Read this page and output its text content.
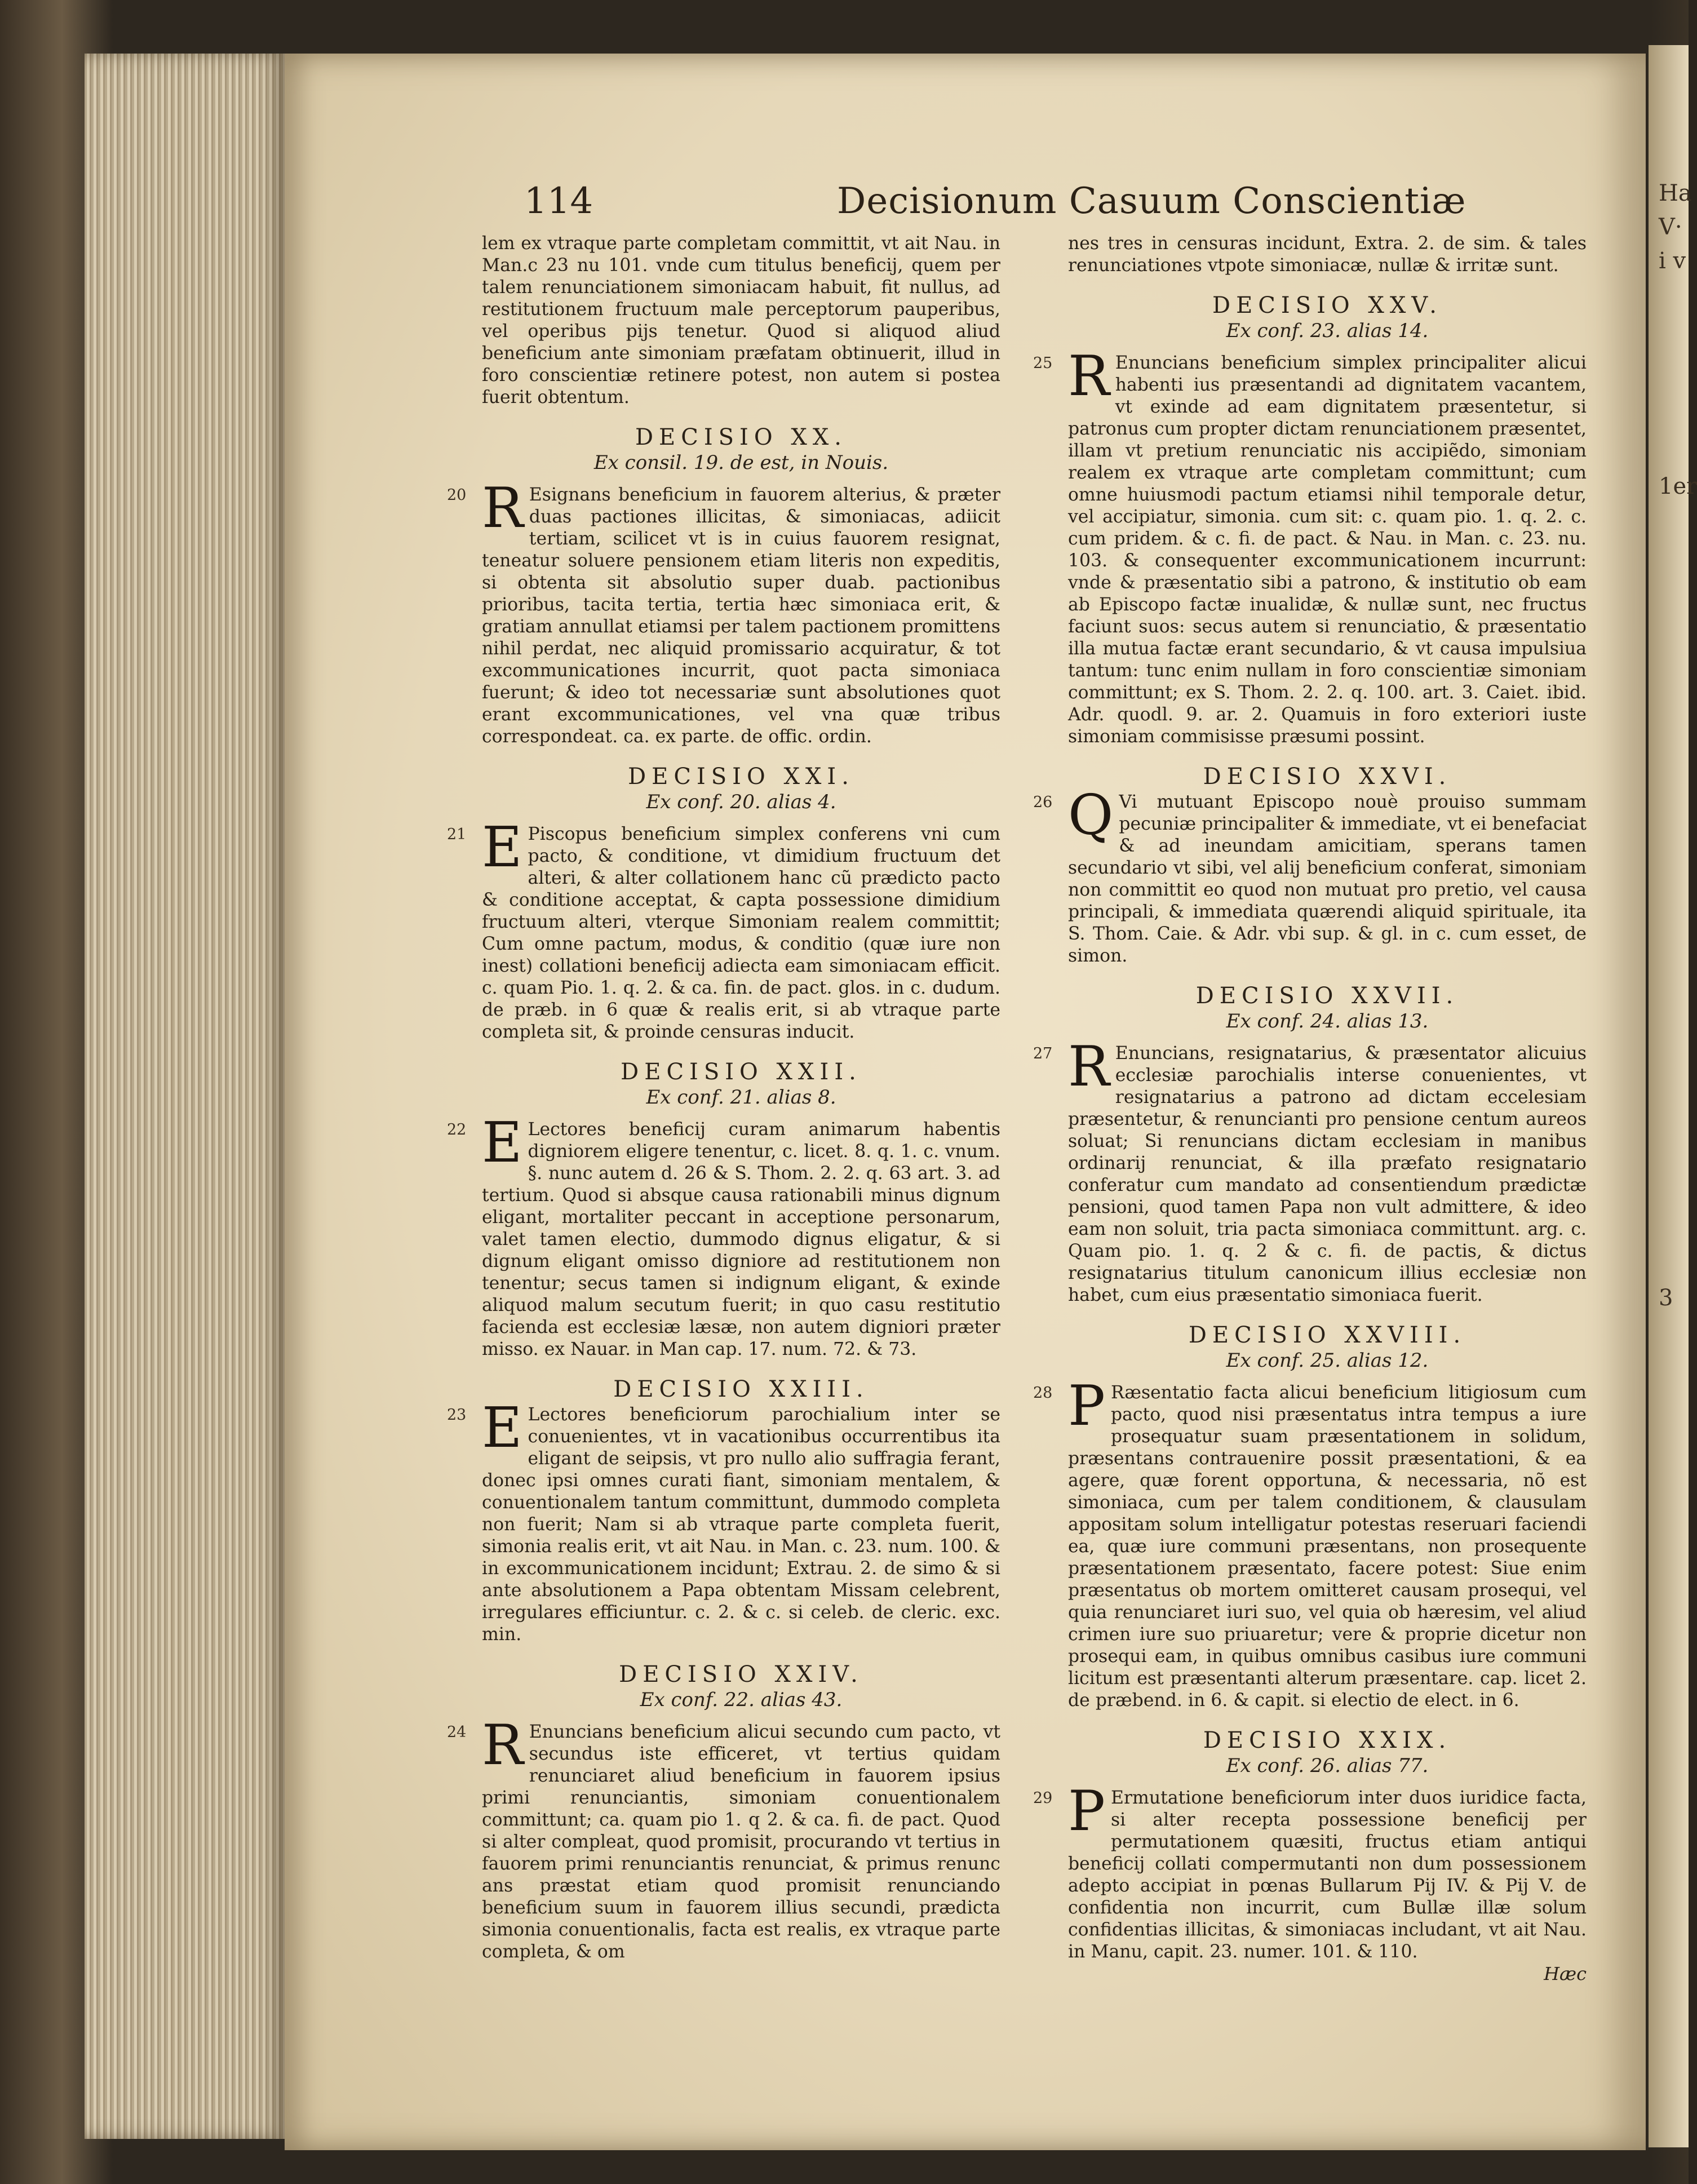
Ha
V·
i v
1er
3
114	Decisionum Casuum Conscientiæ

lem ex vtraque parte completam committit, vt ait Nau. in Man.c 23 nu 101. vnde cum titulus beneficij, quem per talem renunciationem simoniacam habuit, fit nullus, ad restitutionem fructuum male perceptorum pauperibus, vel operibus pijs tenetur. Quod si aliquod aliud beneficium ante simoniam præfatam obtinuerit, illud in foro conscientiæ retinere potest, non autem si postea fuerit obtentum.

DECISIO XX.
Ex consil. 19. de est, in Nouis.
20 R Esignans beneficium in fauorem alterius, & præter duas pactiones illicitas, & simoniacas, adiicit tertiam, scilicet vt is in cuius fauorem resignat, teneatur soluere pensionem etiam literis non expeditis, si obtenta sit absolutio super duab. pactionibus prioribus, tacita tertia, tertia hæc simoniaca erit, & gratiam annullat etiamsi per talem pactionem promittens nihil perdat, nec aliquid promissario acquiratur, & tot excommunicationes incurrit, quot pacta simoniaca fuerunt; & ideo tot necessariæ sunt absolutiones quot erant excommunicationes, vel vna quæ tribus correspondeat. ca. ex parte. de offic. ordin.

DECISIO XXI.
Ex conf. 20. alias 4.
21 E Piscopus beneficium simplex conferens vni cum pacto, & conditione, vt dimidium fructuum det alteri, & alter collationem hanc cũ prædicto pacto & conditione acceptat, & capta possessione dimidium fructuum alteri, vterque Simoniam realem committit; Cum omne pactum, modus, & conditio (quæ iure non inest) collationi beneficij adiecta eam simoniacam efficit. c. quam Pio. 1. q. 2. & ca. fin. de pact. glos. in c. dudum. de præb. in 6 quæ & realis erit, si ab vtraque parte completa sit, & proinde censuras inducit.

DECISIO XXII.
Ex conf. 21. alias 8.
22 E Lectores beneficij curam animarum habentis digniorem eligere tenentur, c. licet. 8. q. 1. c. vnum. §. nunc autem d. 26 & S. Thom. 2. 2. q. 63 art. 3. ad tertium. Quod si absque causa rationabili minus dignum eligant, mortaliter peccant in acceptione personarum, valet tamen electio, dummodo dignus eligatur, & si dignum eligant omisso digniore ad restitutionem non tenentur; secus tamen si indignum eligant, & exinde aliquod malum secutum fuerit; in quo casu restitutio facienda est ecclesiæ læsæ, non autem digniori præter misso. ex Nauar. in Man cap. 17. num. 72. & 73.

DECISIO XXIII.
23 E Lectores beneficiorum parochialium inter se conuenientes, vt in vacationibus occurrentibus ita eligant de seipsis, vt pro nullo alio suffragia ferant, donec ipsi omnes curati fiant, simoniam mentalem, & conuentionalem tantum committunt, dummodo completa non fuerit; Nam si ab vtraque parte completa fuerit, simonia realis erit, vt ait Nau. in Man. c. 23. num. 100. & in excommunicationem incidunt; Extrau. 2. de simo & si ante absolutionem a Papa obtentam Missam celebrent, irregulares efficiuntur. c. 2. & c. si celeb. de cleric. exc. min.

DECISIO XXIV.
Ex conf. 22. alias 43.
24 R Enuncians beneficium alicui secundo cum pacto, vt secundus iste efficeret, vt tertius quidam renunciaret aliud beneficium in fauorem ipsius primi renunciantis, simoniam conuentionalem committunt; ca. quam pio 1. q 2. & ca. fi. de pact. Quod si alter compleat, quod promisit, procurando vt tertius in fauorem primi renunciantis renunciat, & primus renunc ans præstat etiam quod promisit renunciando beneficium suum in fauorem illius secundi, prædicta simonia conuentionalis, facta est realis, ex vtraque parte completa, & om

nes tres in censuras incidunt, Extra. 2. de sim. & tales renunciationes vtpote simoniacæ, nullæ & irritæ sunt.

DECISIO XXV.
Ex conf. 23. alias 14.
25 R Enuncians beneficium simplex principaliter alicui habenti ius præsentandi ad dignitatem vacantem, vt exinde ad eam dignitatem præsentetur, si patronus cum propter dictam renunciationem præsentet, illam vt pretium renunciatic nis accipiẽdo, simoniam realem ex vtraque arte completam committunt; cum omne huiusmodi pactum etiamsi nihil temporale detur, vel accipiatur, simonia. cum sit: c. quam pio. 1. q. 2. c. cum pridem. & c. fi. de pact. & Nau. in Man. c. 23. nu. 103. & consequenter excommunicationem incurrunt: vnde & præsentatio sibi a patrono, & institutio ob eam ab Episcopo factæ inualidæ, & nullæ sunt, nec fructus faciunt suos: secus autem si renunciatio, & præsentatio illa mutua factæ erant secundario, & vt causa impulsiua tantum: tunc enim nullam in foro conscientiæ simoniam committunt; ex S. Thom. 2. 2. q. 100. art. 3. Caiet. ibid. Adr. quodl. 9. ar. 2. Quamuis in foro exteriori iuste simoniam commisisse præsumi possint.

DECISIO XXVI.
26 Q Vi mutuant Episcopo nouè prouiso summam pecuniæ principaliter & immediate, vt ei benefaciat & ad ineundam amicitiam, sperans tamen secundario vt sibi, vel alij beneficium conferat, simoniam non committit eo quod non mutuat pro pretio, vel causa principali, & immediata quærendi aliquid spirituale, ita S. Thom. Caie. & Adr. vbi sup. & gl. in c. cum esset, de simon.

DECISIO XXVII.
Ex conf. 24. alias 13.
27 R Enuncians, resignatarius, & præsentator alicuius ecclesiæ parochialis interse conuenientes, vt resignatarius a patrono ad dictam eccelesiam præsentetur, & renuncianti pro pensione centum aureos soluat; Si renuncians dictam ecclesiam in manibus ordinarij renunciat, & illa præfato resignatario conferatur cum mandato ad consentiendum prædictæ pensioni, quod tamen Papa non vult admittere, & ideo eam non soluit, tria pacta simoniaca committunt. arg. c. Quam pio. 1. q. 2 & c. fi. de pactis, & dictus resignatarius titulum canonicum illius ecclesiæ non habet, cum eius præsentatio simoniaca fuerit.

DECISIO XXVIII.
Ex conf. 25. alias 12.
28 P Ræsentatio facta alicui beneficium litigiosum cum pacto, quod nisi præsentatus intra tempus a iure prosequatur suam præsentationem in solidum, præsentans contrauenire possit præsentationi, & ea agere, quæ forent opportuna, & necessaria, nõ est simoniaca, cum per talem conditionem, & clausulam appositam solum intelligatur potestas reseruari faciendi ea, quæ iure communi præsentans, non prosequente præsentationem præsentato, facere potest: Siue enim præsentatus ob mortem omitteret causam prosequi, vel quia renunciaret iuri suo, vel quia ob hæresim, vel aliud crimen iure suo priuaretur; vere & proprie dicetur non prosequi eam, in quibus omnibus casibus iure communi licitum est præsentanti alterum præsentare. cap. licet 2. de præbend. in 6. & capit. si electio de elect. in 6.

DECISIO XXIX.
Ex conf. 26. alias 77.
29 P Ermutatione beneficiorum inter duos iuridice facta, si alter recepta possessione beneficij per permutationem quæsiti, fructus etiam antiqui beneficij collati compermutanti non dum possessionem adepto accipiat in pœnas Bullarum Pij IV. & Pij V. de confidentia non incurrit, cum Bullæ illæ solum confidentias illicitas, & simoniacas includant, vt ait Nau. in Manu, capit. 23. numer. 101. & 110.

Hæc
